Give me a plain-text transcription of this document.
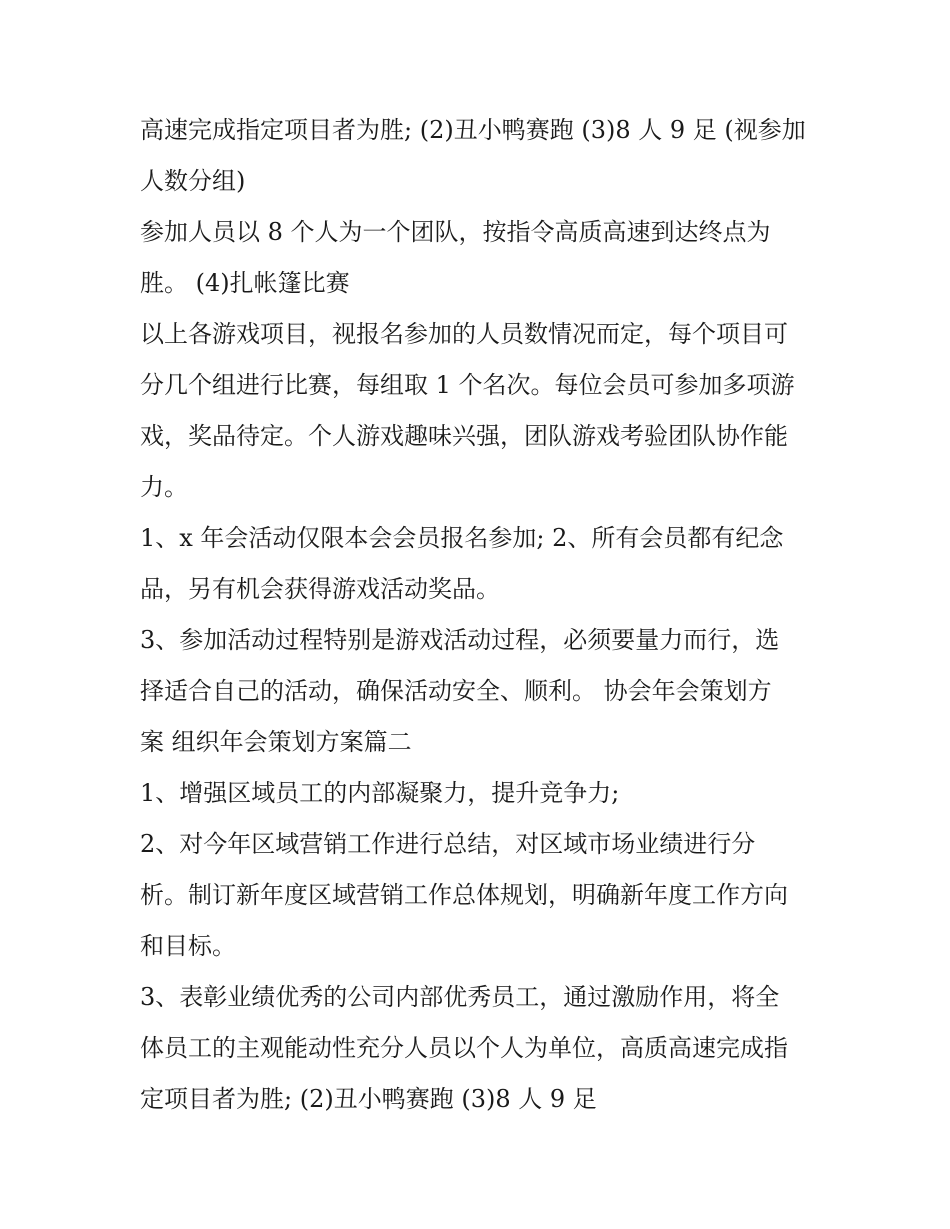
高速完成指定项目者为胜; (2)丑小鸭赛跑 (3)8 人 9 足 (视参加
人数分组)
参加人员以 8 个人为一个团队，按指令高质高速到达终点为
胜。 (4)扎帐篷比赛
以上各游戏项目，视报名参加的人员数情况而定，每个项目可
分几个组进行比赛，每组取 1 个名次。每位会员可参加多项游
戏，奖品待定。个人游戏趣味兴强，团队游戏考验团队协作能
力。
1、x 年会活动仅限本会会员报名参加; 2、所有会员都有纪念
品，另有机会获得游戏活动奖品。
3、参加活动过程特别是游戏活动过程，必须要量力而行，选
择适合自己的活动，确保活动安全、顺利。 协会年会策划方
案 组织年会策划方案篇二
1、增强区域员工的内部凝聚力，提升竞争力;
2、对今年区域营销工作进行总结，对区域市场业绩进行分
析。制订新年度区域营销工作总体规划，明确新年度工作方向
和目标。
3、表彰业绩优秀的公司内部优秀员工，通过激励作用，将全
体员工的主观能动性充分人员以个人为单位，高质高速完成指
定项目者为胜; (2)丑小鸭赛跑 (3)8 人 9 足
